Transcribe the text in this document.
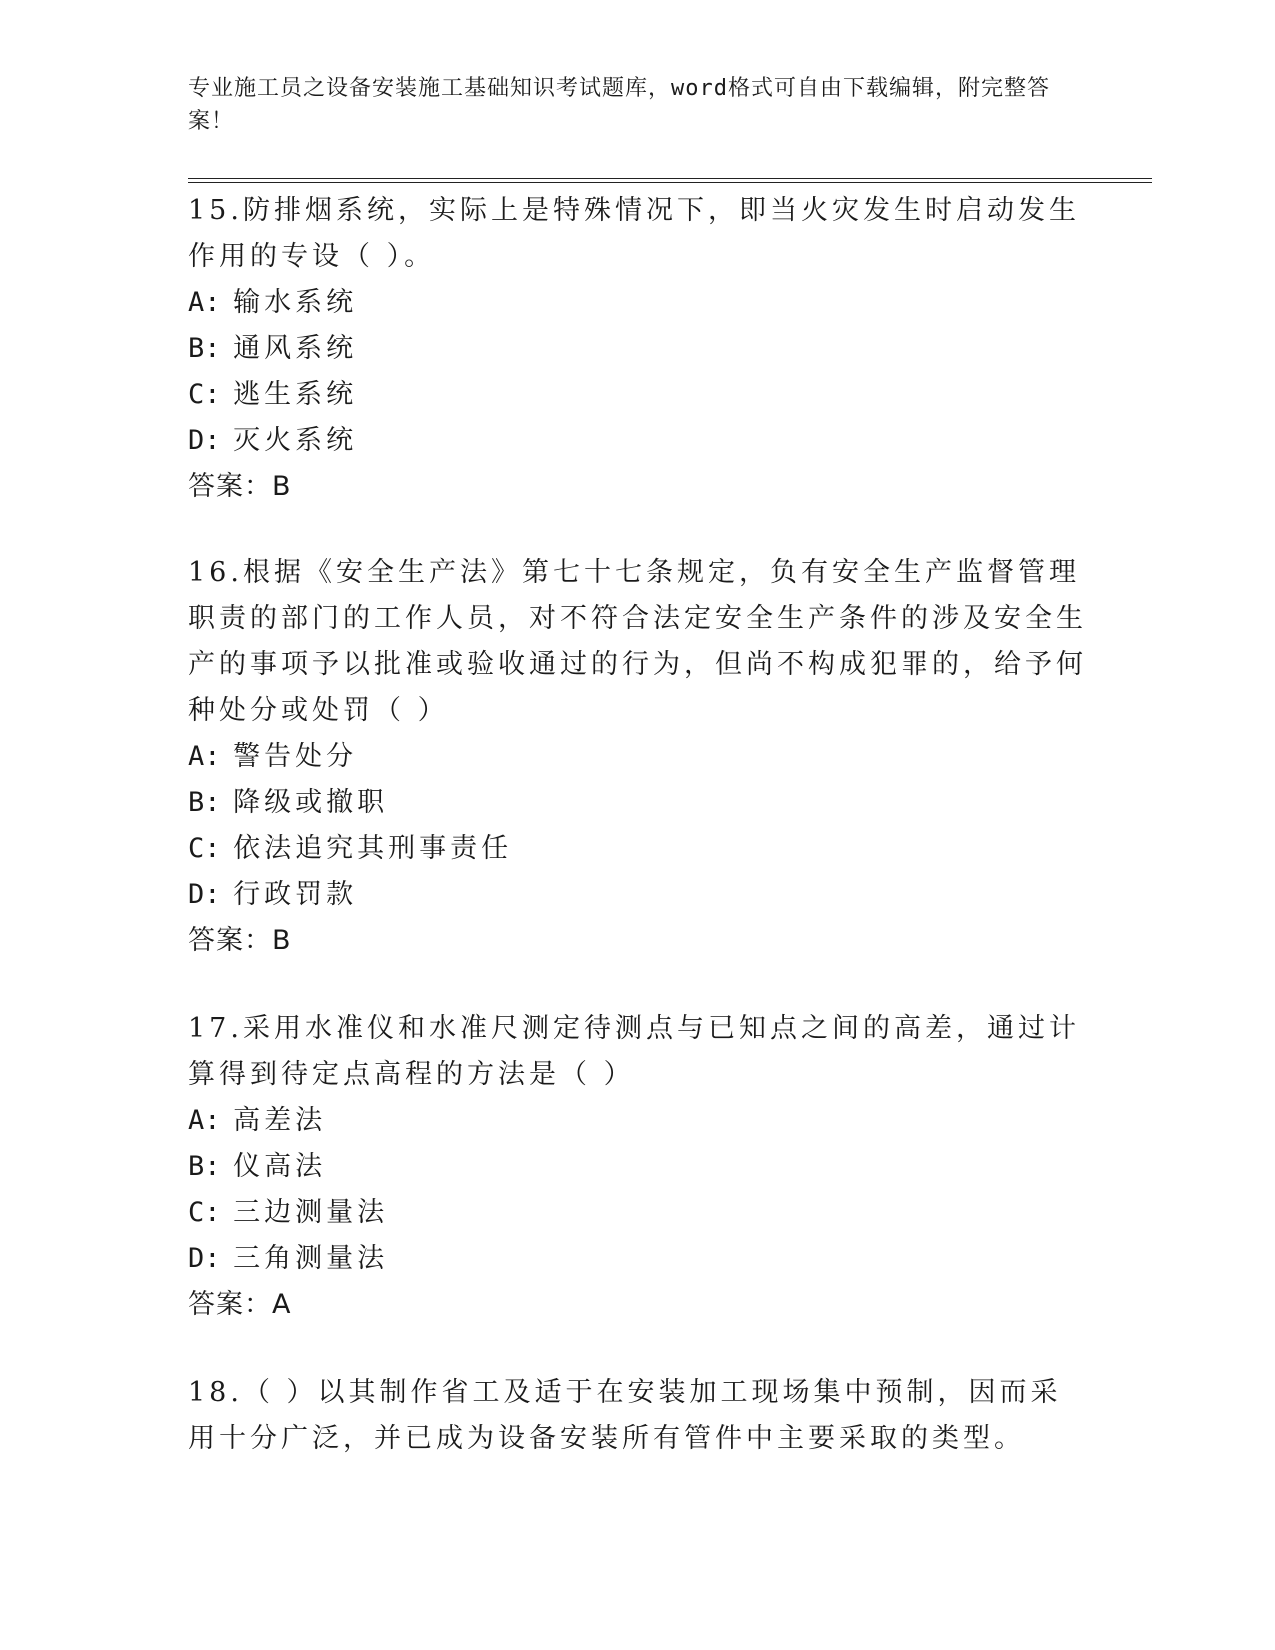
专业施工员之设备安装施工基础知识考试题库，word格式可自由下载编辑，附完整答案！
15.防排烟系统，实际上是特殊情况下，即当火灾发生时启动发生作用的专设（ ）。
A: 输水系统
B: 通风系统
C: 逃生系统
D: 灭火系统
答案：B
16.根据《安全生产法》第七十七条规定，负有安全生产监督管理职责的部门的工作人员，对不符合法定安全生产条件的涉及安全生产的事项予以批准或验收通过的行为，但尚不构成犯罪的，给予何种处分或处罚（ ）
A: 警告处分
B: 降级或撤职
C: 依法追究其刑事责任
D: 行政罚款
答案：B
17.采用水准仪和水准尺测定待测点与已知点之间的高差，通过计算得到待定点高程的方法是（ ）
A: 高差法
B: 仪高法
C: 三边测量法
D: 三角测量法
答案：A
18.（ ）以其制作省工及适于在安装加工现场集中预制，因而采用十分广泛，并已成为设备安装所有管件中主要采取的类型。
